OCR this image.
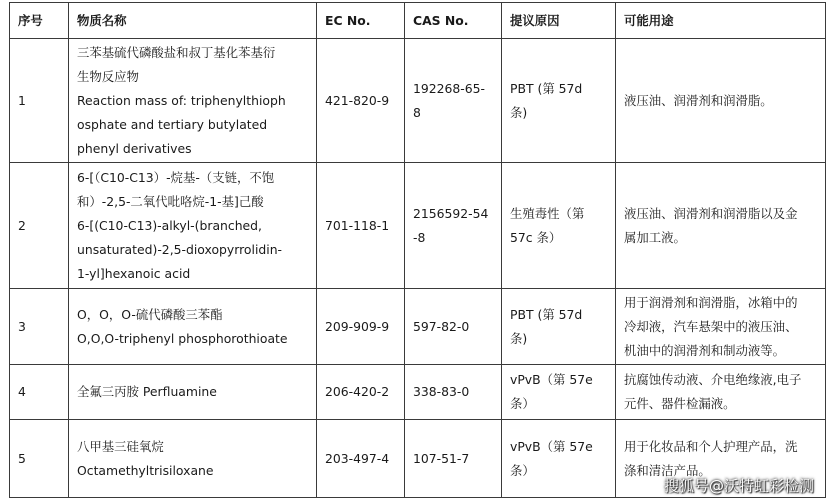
序号	物质名称	EC No.	CAS No.	提议原因	可能用途
1	三苯基硫代磷酸盐和叔丁基化苯基衍
生物反应物
Reaction mass of: triphenylthioph
osphate and tertiary butylated
phenyl derivatives	421-820-9	192268-65-
8	PBT (第 57d
条)	液压油、润滑剂和润滑脂。

2	6-[（C10-C13）-烷基-（支链，不饱
和）-2,5-二氧代吡咯烷-1-基]己酸
6-[(C10-C13)-alkyl-(branched,
unsaturated)-2,5-dioxopyrrolidin-
1-yl]hexanoic acid	701-118-1	2156592-54
-8	生殖毒性（第
57c 条）	液压油、润滑剂和润滑脂以及金
属加工液。

3	O，O，O-硫代磷酸三苯酯
O,O,O-triphenyl phosphorothioate	209-909-9	597-82-0	PBT (第 57d
条)	用于润滑剂和润滑脂，冰箱中的
冷却液，汽车悬架中的液压油、
机油中的润滑剂和制动液等。

4	全氟三丙胺 Perfluamine	206-420-2	338-83-0	vPvB（第 57e
条）	抗腐蚀传动液、介电绝缘液,电子
元件、器件检漏液。

5	八甲基三硅氧烷
Octamethyltrisiloxane	203-497-4	107-51-7	vPvB（第 57e
条）	用于化妆品和个人护理产品，洗
涤和清洁产品。
搜狐号@沃特虹彩检测
